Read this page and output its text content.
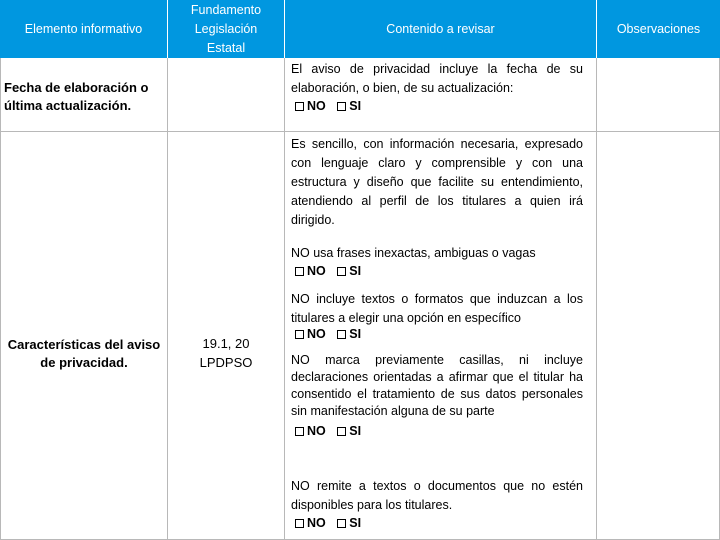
Elemento informativo
Fundamento Legislación Estatal
Contenido a revisar	Observaciones
Fecha de elaboración o última actualización.
El aviso de privacidad incluye la fecha de su elaboración, o bien, de su actualización:
NO SI
Características del aviso de privacidad.
19.1, 20 LPDPSO
Es sencillo, con información necesaria, expresado con lenguaje claro y comprensible y con una estructura y diseño que facilite su entendimiento, atendiendo al perfil de los titulares a quien irá dirigido.
NO usa frases inexactas, ambiguas o vagas
NO SI
NO incluye textos o formatos que induzcan a los titulares a elegir una opción en específico
NO SI
NO marca previamente casillas, ni incluye declaraciones orientadas a afirmar que el titular ha consentido el tratamiento de sus datos personales sin manifestación alguna de su parte
NO SI
NO remite a textos o documentos que no estén disponibles para los titulares.
NO SI
